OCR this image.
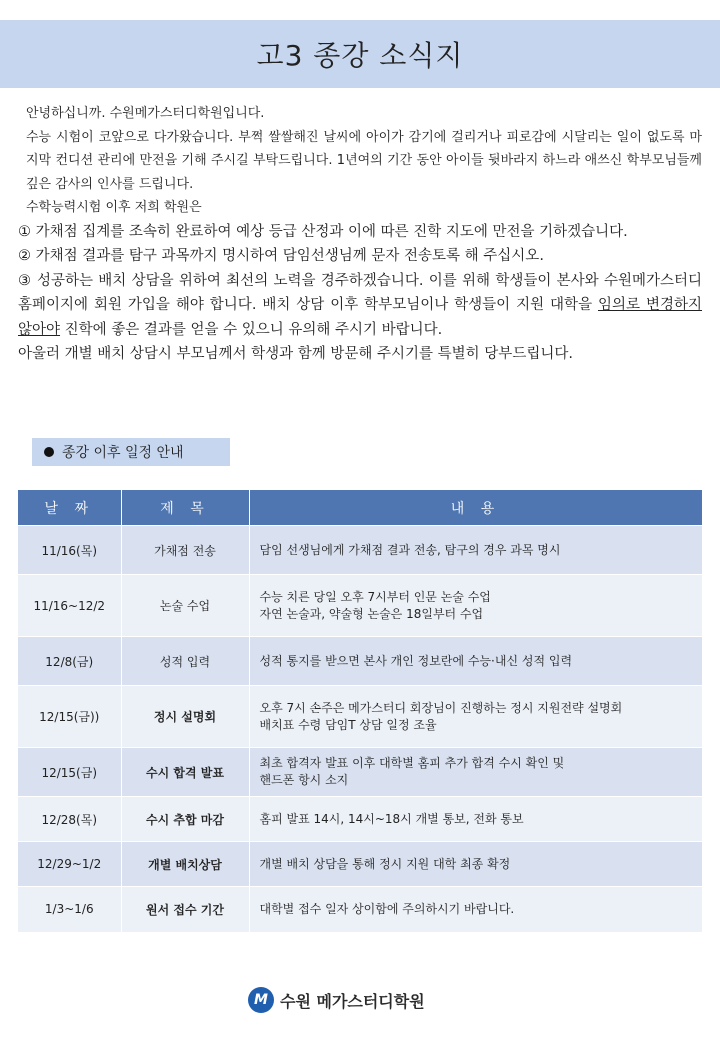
고3 종강 소식지

안녕하십니까. 수원메가스터디학원입니다.

수능 시험이 코앞으로 다가왔습니다. 부쩍 쌀쌀해진 날씨에 아이가 감기에 걸리거나 피로감에 시달리는 일이 없도록 마지막 컨디션 관리에 만전을 기해 주시길 부탁드립니다. 1년여의 기간 동안 아이들 뒷바라지 하느라 애쓰신 학부모님들께 깊은 감사의 인사를 드립니다.

수학능력시험 이후 저희 학원은

① 가채점 집계를 조속히 완료하여 예상 등급 산정과 이에 따른 진학 지도에 만전을 기하겠습니다.

② 가채점 결과를 탐구 과목까지 명시하여 담임선생님께 문자 전송토록 해 주십시오.

③ 성공하는 배치 상담을 위하여 최선의 노력을 경주하겠습니다. 이를 위해 학생들이 본사와 수원메가스터디 홈페이지에 회원 가입을 해야 합니다. 배치 상담 이후 학부모님이나 학생들이 지원 대학을 임의로 변경하지 않아야 진학에 좋은 결과를 얻을 수 있으니 유의해 주시기 바랍니다.

아울러 개별 배치 상담시 부모님께서 학생과 함께 방문해 주시기를 특별히 당부드립니다.

종강 이후 일정 안내
날 짜	제 목	내 용
11/16(목)	가채점 전송	담임 선생님에게 가채점 결과 전송, 탐구의 경우 과목 명시

11/16~12/2	논술 수업	수능 치른 당일 오후 7시부터 인문 논술 수업
자연 논술과, 약술형 논술은 18일부터 수업

12/8(금)	성적 입력	성적 통지를 받으면 본사 개인 정보란에 수능·내신 성적 입력

12/15(금))	정시 설명회	오후 7시 손주은 메가스터디 회장님이 진행하는 정시 지원전략 설명회
배치표 수령 담임T 상담 일정 조율

12/15(금)	수시 합격 발표	최초 합격자 발표 이후 대학별 홈피 추가 합격 수시 확인 및
핸드폰 항시 소지

12/28(목)	수시 추합 마감	홈피 발표 14시, 14시~18시 개별 통보, 전화 통보

12/29~1/2	개별 배치상담	개별 배치 상담을 통해 정시 지원 대학 최종 확정

1/3~1/6	원서 접수 기간	대학별 접수 일자 상이함에 주의하시기 바랍니다.
M 수원 메가스터디학원
